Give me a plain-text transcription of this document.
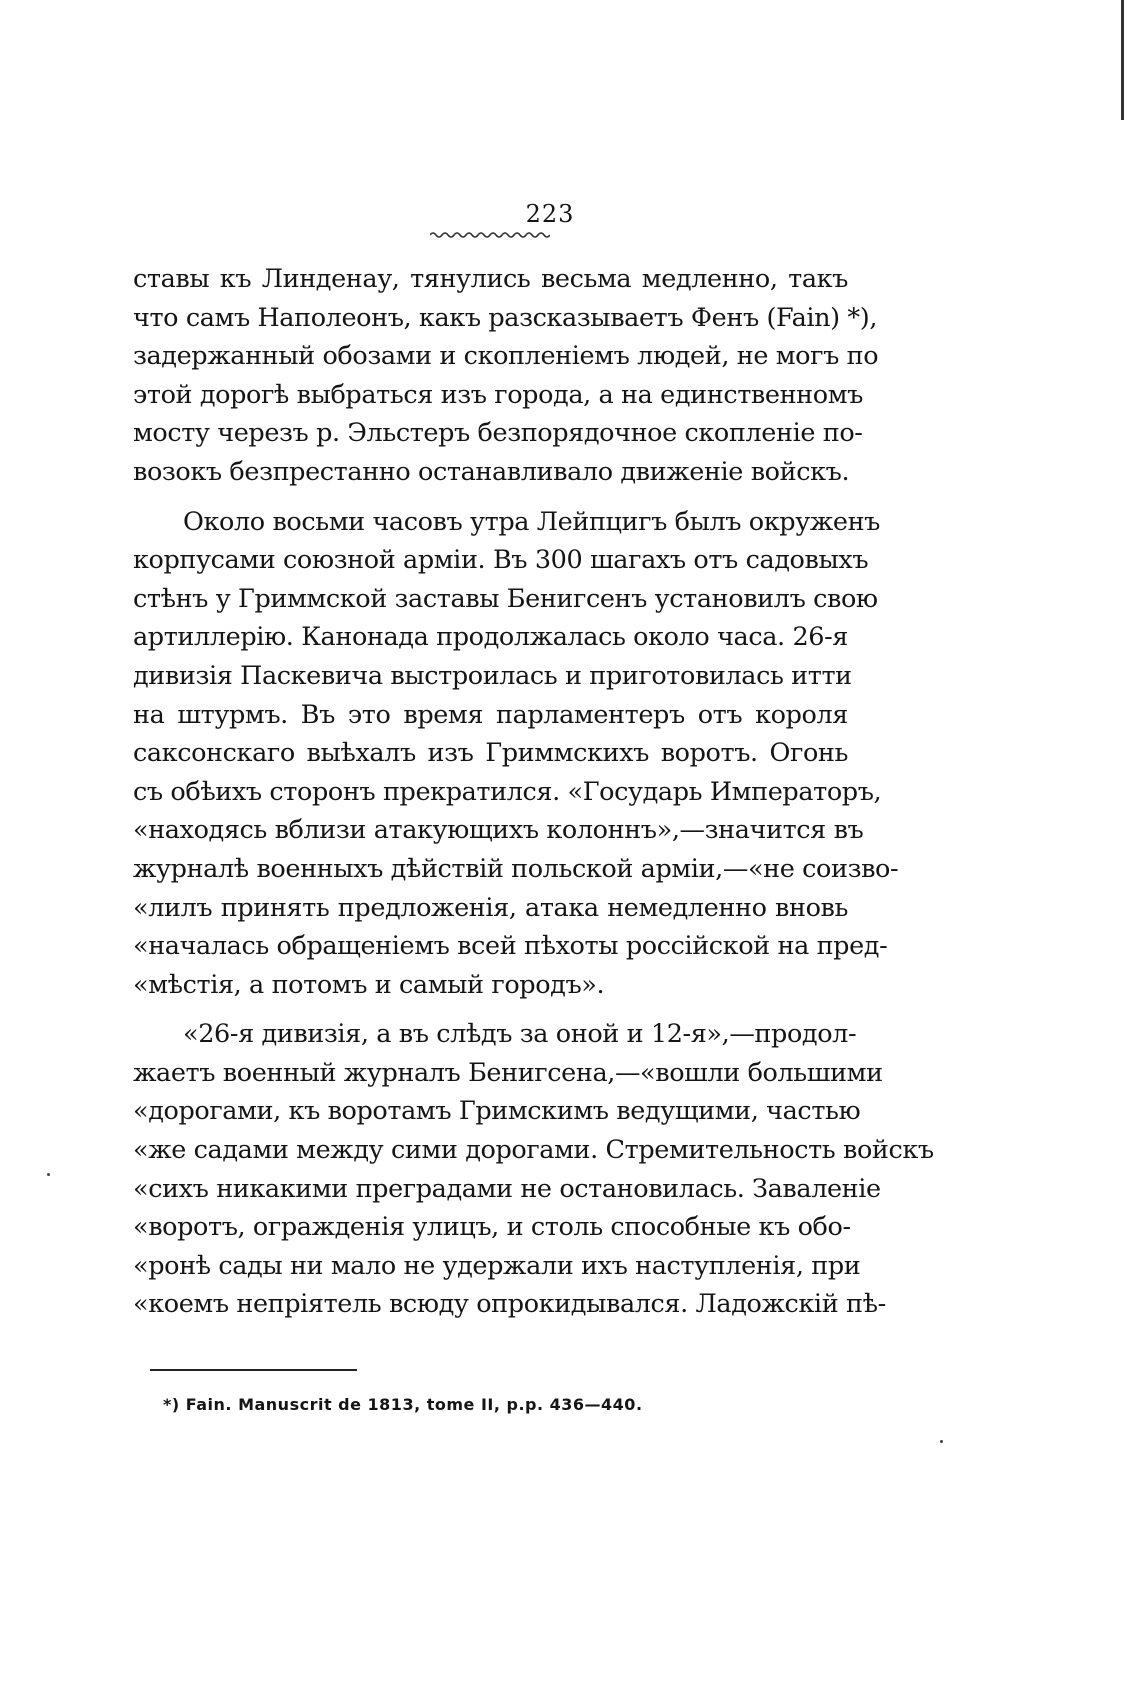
223
ставы къ Линденау, тянулись весьма медленно, такъ
что самъ Наполеонъ, какъ разсказываетъ Фенъ (Fain) *),
задержанный обозами и скопленіемъ людей, не могъ по
этой дорогѣ выбраться изъ города, а на единственномъ
мосту черезъ р. Эльстеръ безпорядочное скопленіе по-
возокъ безпрестанно останавливало движеніе войскъ.
Около восьми часовъ утра Лейпцигъ былъ окруженъ
корпусами союзной арміи. Въ 300 шагахъ отъ садовыхъ
стѣнъ у Гриммской заставы Бенигсенъ установилъ свою
артиллерію. Канонада продолжалась около часа. 26-я
дивизія Паскевича выстроилась и приготовилась итти
на штурмъ. Въ это время парламентеръ отъ короля
саксонскаго выѣхалъ изъ Гриммскихъ воротъ. Огонь
съ обѣихъ сторонъ прекратился. «Государь Императоръ,
«находясь вблизи атакующихъ колоннъ»,—значится въ
журналѣ военныхъ дѣйствій польской арміи,—«не соизво-
«лилъ принять предложенія, атака немедленно вновь
«началась обращеніемъ всей пѣхоты россійской на пред-
«мѣстія, а потомъ и самый городъ».
«26-я дивизія, а въ слѣдъ за оной и 12-я»,—продол-
жаетъ военный журналъ Бенигсена,—«вошли большими
«дорогами, къ воротамъ Гримскимъ ведущими, частью
«же садами между сими дорогами. Стремительность войскъ
«сихъ никакими преградами не остановилась. Заваленіе
«воротъ, огражденія улицъ, и столь способные къ обо-
«ронѣ сады ни мало не удержали ихъ наступленія, при
«коемъ непріятель всюду опрокидывался. Ладожскій пѣ-
*) Fain. Manuscrit de 1813, tome II, p.p. 436—440.
